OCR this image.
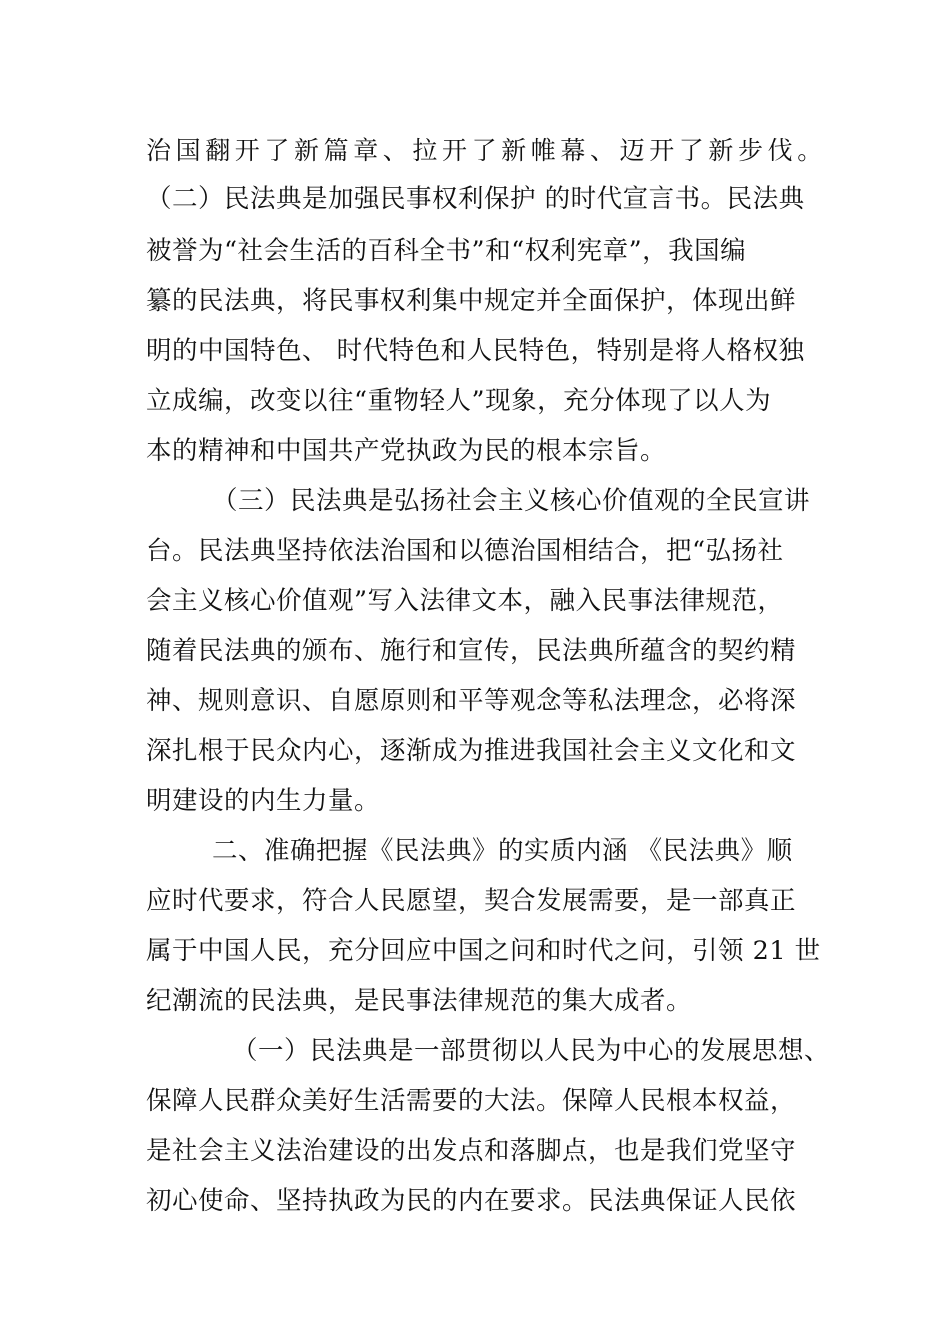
治国翻开了新篇章、拉开了新帷幕、迈开了新步伐。
（二）民法典是加强民事权利保护 的时代宣言书。民法典
被誉为“社会生活的百科全书”和“权利宪章”，我国编
纂的民法典，将民事权利集中规定并全面保护，体现出鲜
明的中国特色、 时代特色和人民特色，特别是将人格权独
立成编，改变以往“重物轻人”现象，充分体现了以人为
本的精神和中国共产党执政为民的根本宗旨。
（三）民法典是弘扬社会主义核心价值观的全民宣讲
台。民法典坚持依法治国和以德治国相结合，把“弘扬社
会主义核心价值观”写入法律文本，融入民事法律规范，
随着民法典的颁布、施行和宣传，民法典所蕴含的契约精
神、规则意识、自愿原则和平等观念等私法理念，必将深
深扎根于民众内心，逐渐成为推进我国社会主义文化和文
明建设的内生力量。
二、准确把握《民法典》的实质内涵 《民法典》顺
应时代要求，符合人民愿望，契合发展需要，是一部真正
属于中国人民，充分回应中国之问和时代之问，引领 21 世
纪潮流的民法典，是民事法律规范的集大成者。
（一）民法典是一部贯彻以人民为中心的发展思想、
保障人民群众美好生活需要的大法。保障人民根本权益，
是社会主义法治建设的出发点和落脚点，也是我们党坚守
初心使命、坚持执政为民的内在要求。民法典保证人民依
